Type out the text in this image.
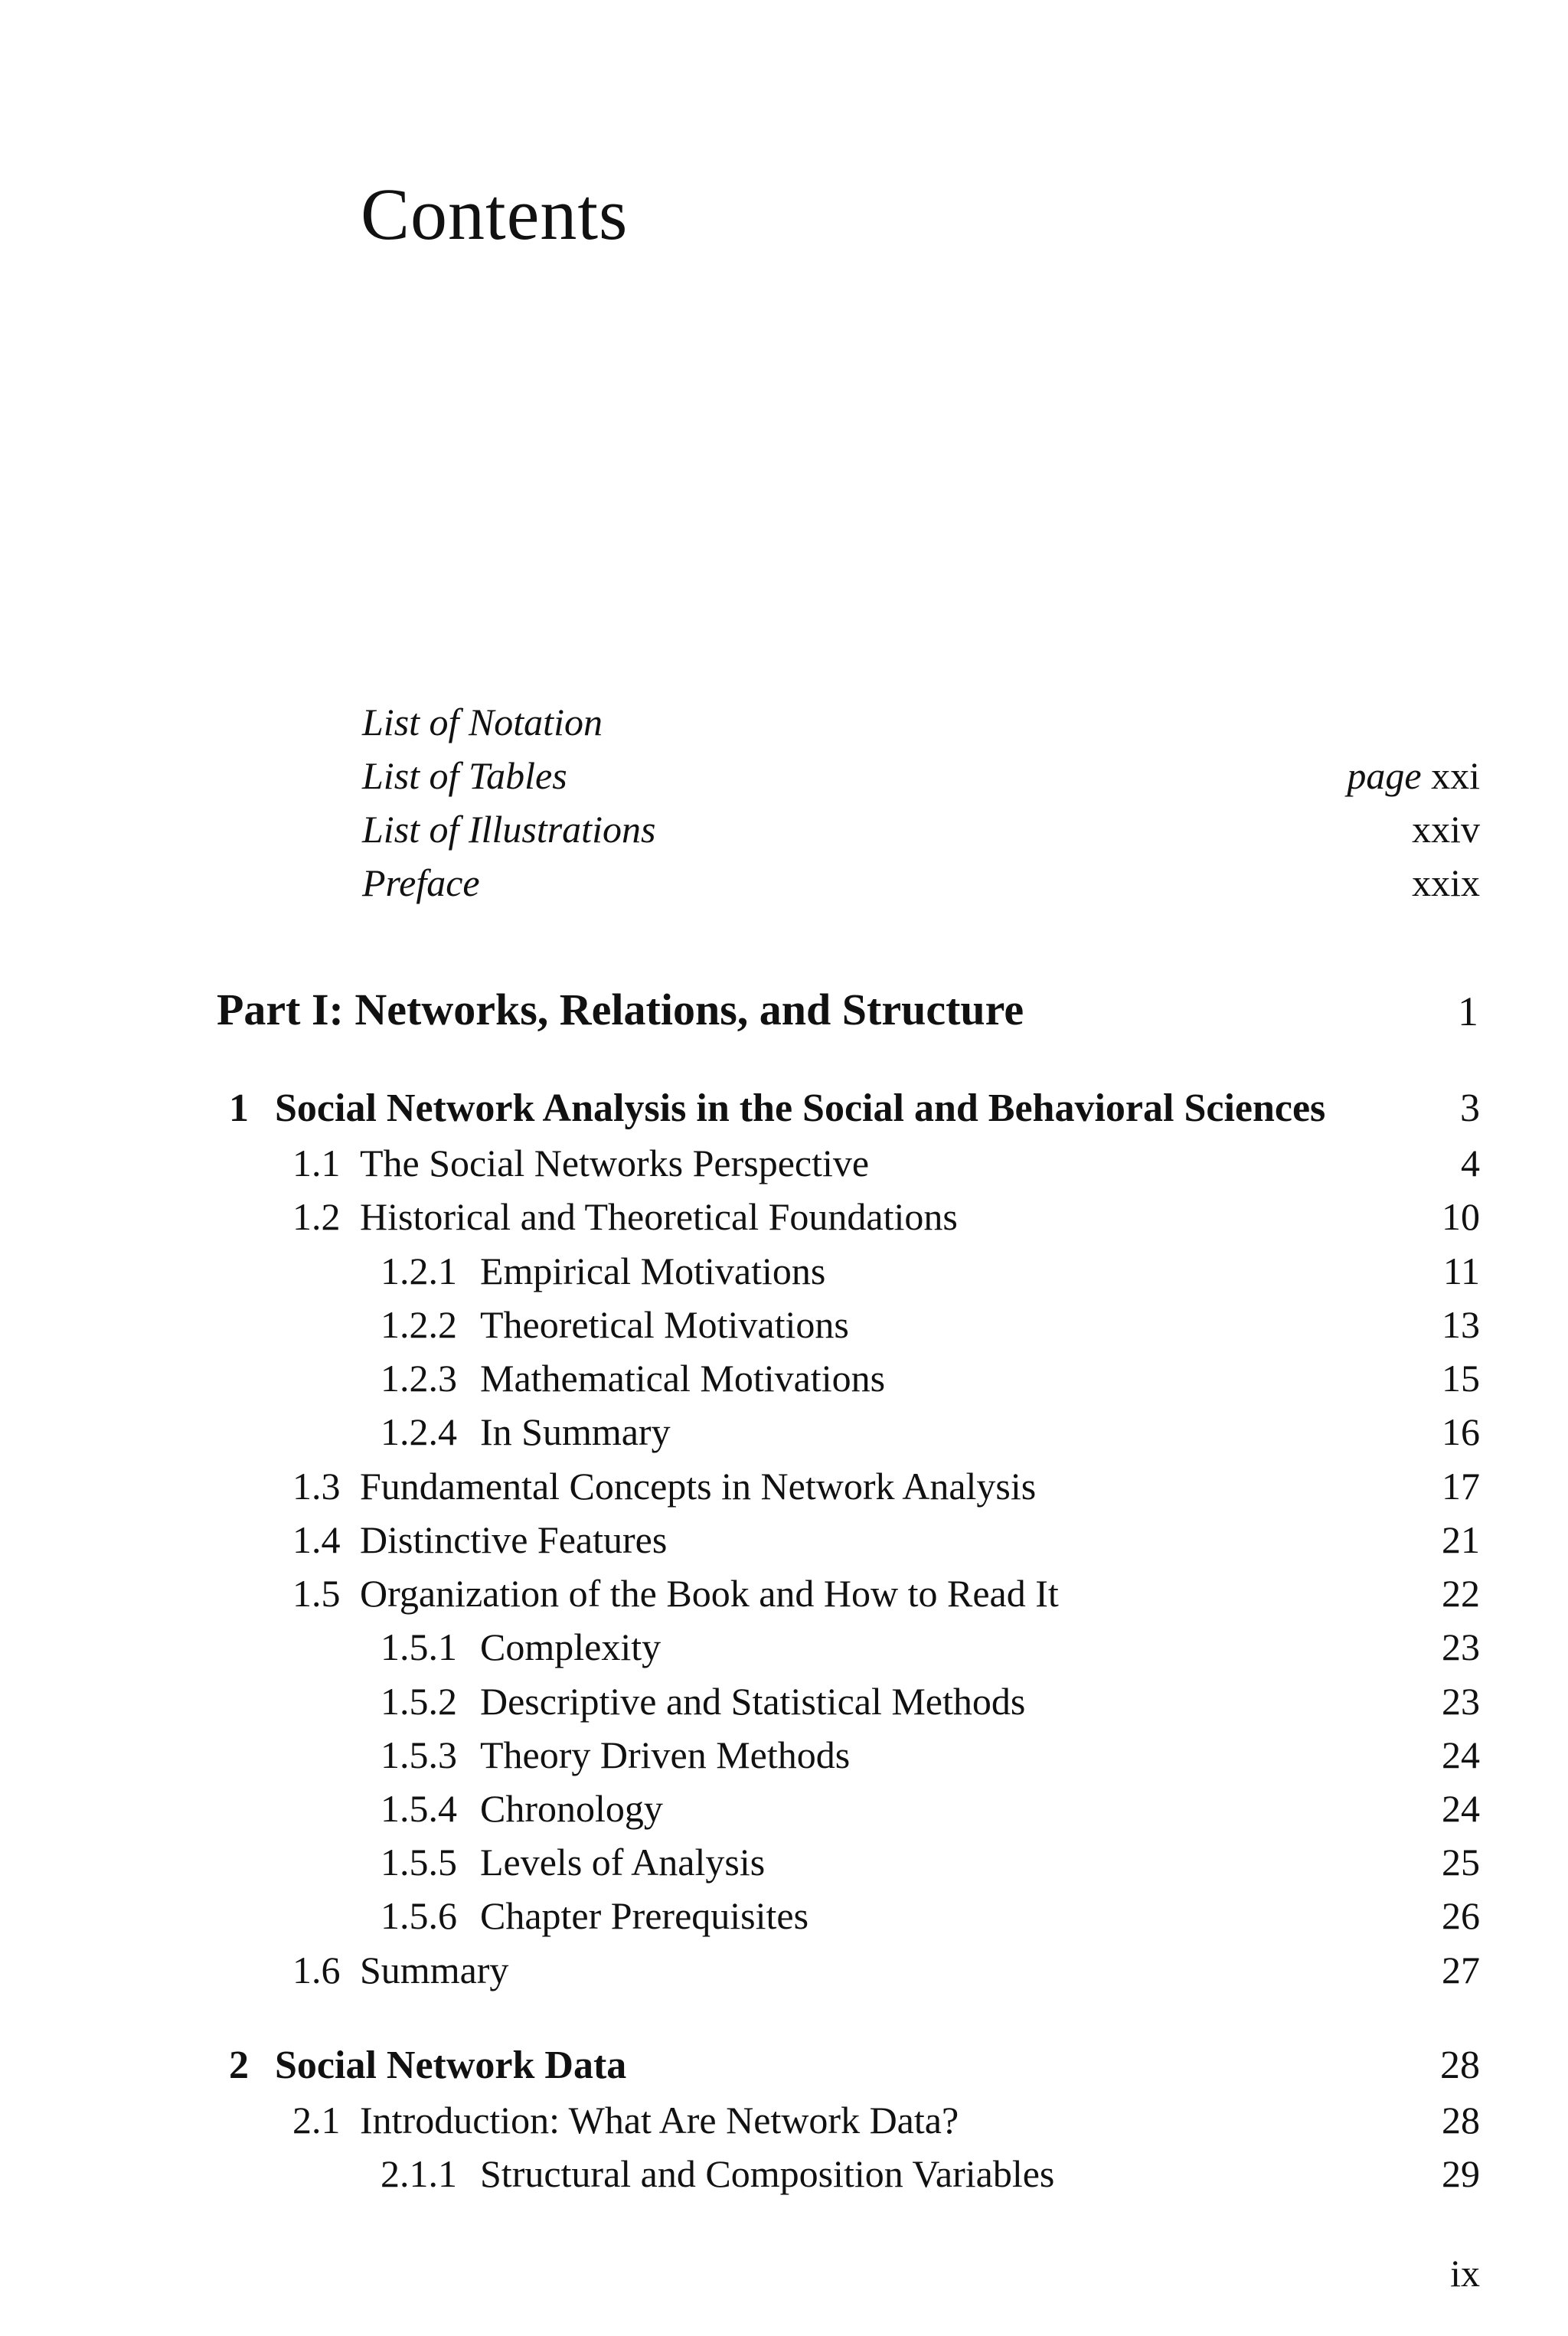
Contents
List of Notation
List of Tables	page xxi
List of Illustrations	xxiv
Preface	xxix
Part I: Networks, Relations, and Structure	1
1 Social Network Analysis in the Social and Behavioral Sciences	3
1.1 The Social Networks Perspective	4
1.2 Historical and Theoretical Foundations	10
1.2.1 Empirical Motivations	11
1.2.2 Theoretical Motivations	13
1.2.3 Mathematical Motivations	15
1.2.4 In Summary	16
1.3 Fundamental Concepts in Network Analysis	17
1.4 Distinctive Features	21
1.5 Organization of the Book and How to Read It	22
1.5.1 Complexity	23
1.5.2 Descriptive and Statistical Methods	23
1.5.3 Theory Driven Methods	24
1.5.4 Chronology	24
1.5.5 Levels of Analysis	25
1.5.6 Chapter Prerequisites	26
1.6 Summary	27
2 Social Network Data	28
2.1 Introduction: What Are Network Data?	28
2.1.1 Structural and Composition Variables	29
ix
